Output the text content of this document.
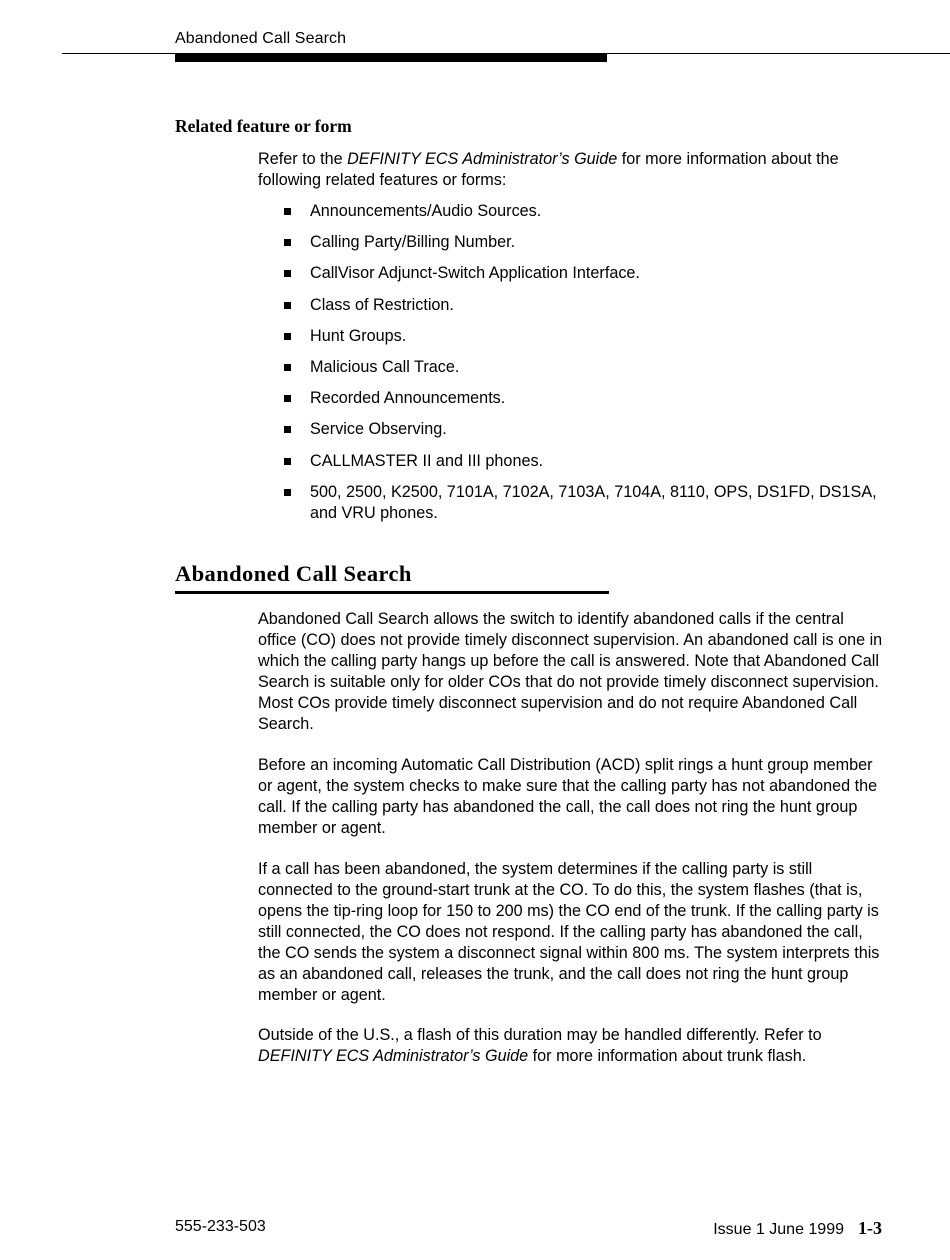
Abandoned Call Search
Related feature or form
Refer to the DEFINITY ECS Administrator’s Guide for more information about the following related features or forms:
Announcements/Audio Sources.
Calling Party/Billing Number.
CallVisor Adjunct-Switch Application Interface.
Class of Restriction.
Hunt Groups.
Malicious Call Trace.
Recorded Announcements.
Service Observing.
CALLMASTER II and III phones.
500, 2500, K2500, 7101A, 7102A, 7103A, 7104A, 8110, OPS, DS1FD, DS1SA, and VRU phones.
Abandoned Call Search
Abandoned Call Search allows the switch to identify abandoned calls if the central office (CO) does not provide timely disconnect supervision. An abandoned call is one in which the calling party hangs up before the call is answered. Note that Abandoned Call Search is suitable only for older COs that do not provide timely disconnect supervision. Most COs provide timely disconnect supervision and do not require Abandoned Call Search.
Before an incoming Automatic Call Distribution (ACD) split rings a hunt group member or agent, the system checks to make sure that the calling party has not abandoned the call. If the calling party has abandoned the call, the call does not ring the hunt group member or agent.
If a call has been abandoned, the system determines if the calling party is still connected to the ground-start trunk at the CO. To do this, the system flashes (that is, opens the tip-ring loop for 150 to 200 ms) the CO end of the trunk. If the calling party is still connected, the CO does not respond. If the calling party has abandoned the call, the CO sends the system a disconnect signal within 800 ms. The system interprets this as an abandoned call, releases the trunk, and the call does not ring the hunt group member or agent.
Outside of the U.S., a flash of this duration may be handled differently. Refer to DEFINITY ECS Administrator’s Guide for more information about trunk flash.
555-233-503	Issue 1 June 1999 1-3
